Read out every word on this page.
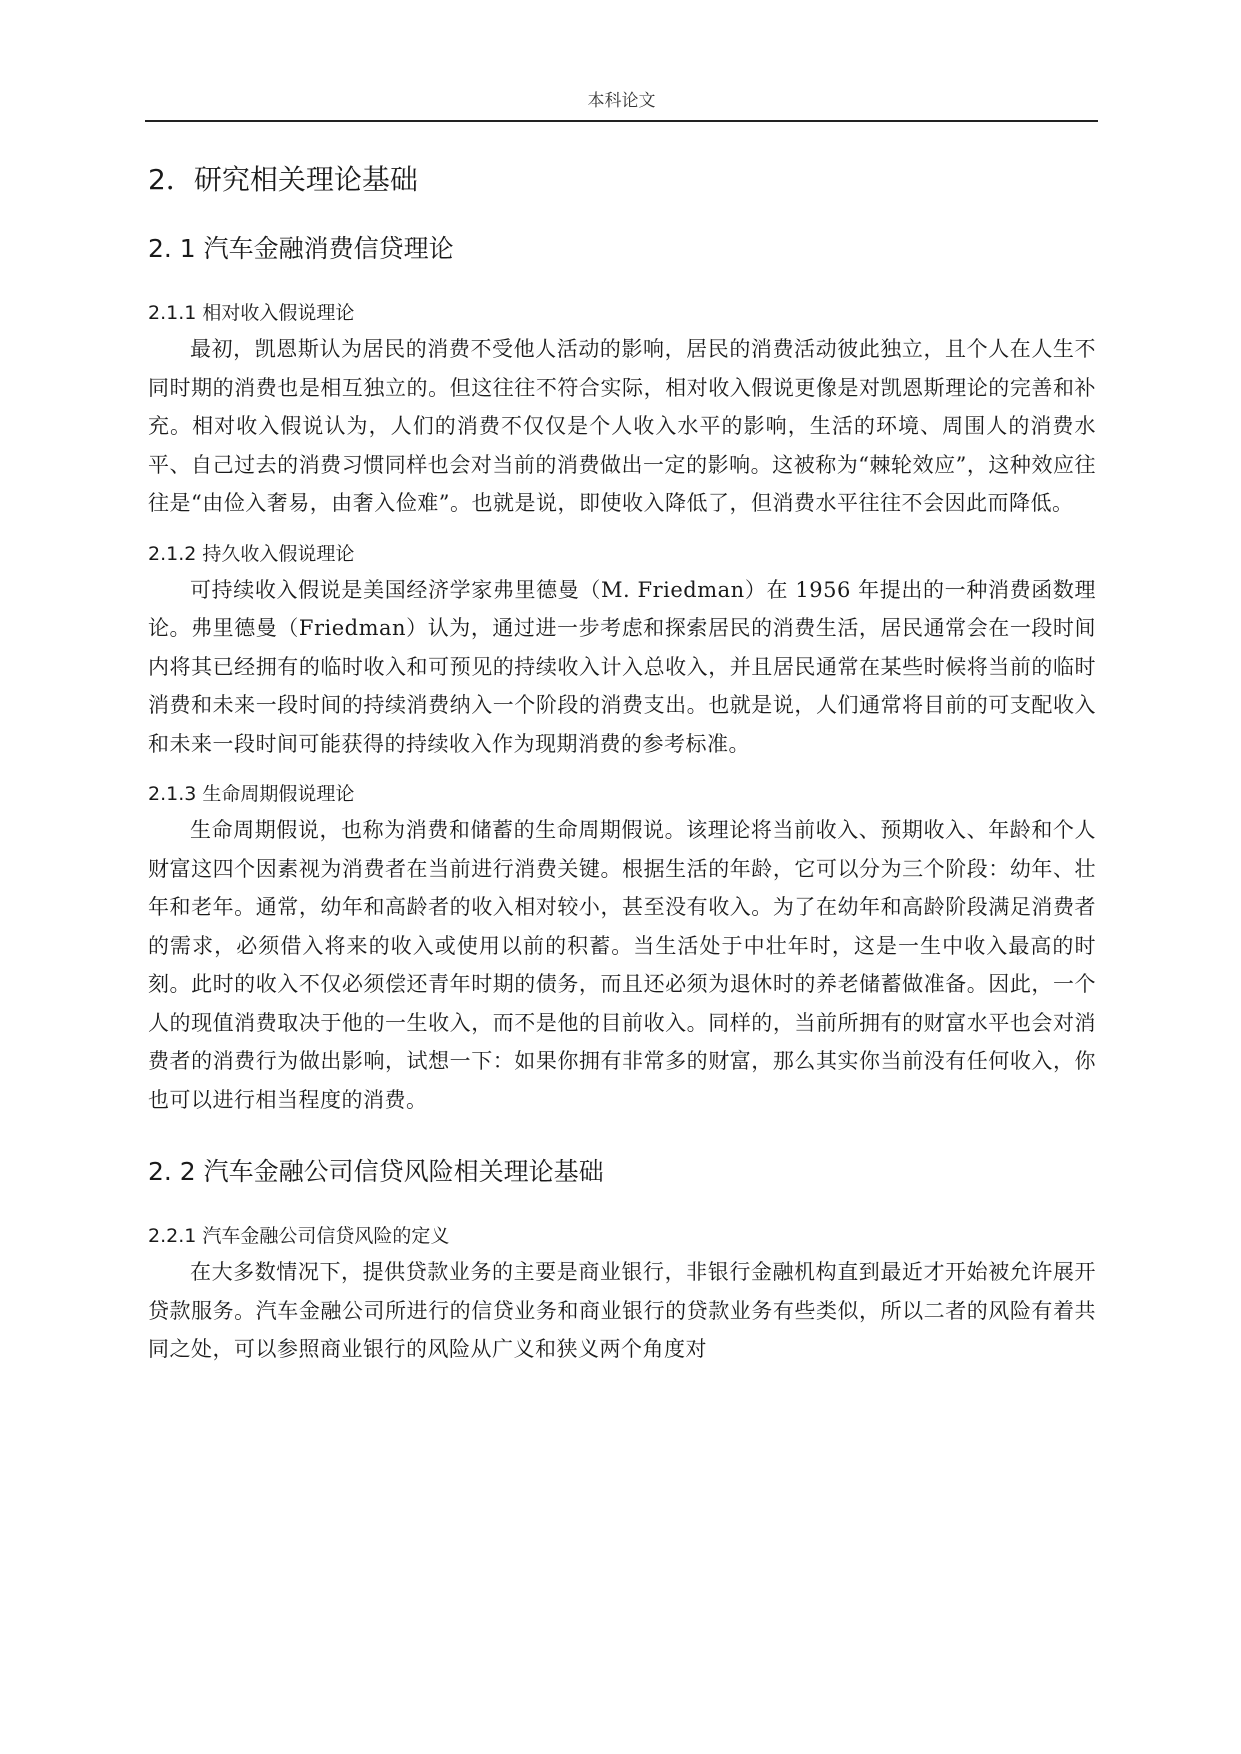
本科论文
2．研究相关理论基础
2. 1 汽车金融消费信贷理论
2.1.1 相对收入假说理论

最初，凯恩斯认为居民的消费不受他人活动的影响，居民的消费活动彼此独立，且个人在人生不同时期的消费也是相互独立的。但这往往不符合实际，相对收入假说更像是对凯恩斯理论的完善和补充。相对收入假说认为，人们的消费不仅仅是个人收入水平的影响，生活的环境、周围人的消费水平、自己过去的消费习惯同样也会对当前的消费做出一定的影响。这被称为“棘轮效应”，这种效应往往是“由俭入奢易，由奢入俭难”。也就是说，即使收入降低了，但消费水平往往不会因此而降低。

2.1.2 持久收入假说理论

可持续收入假说是美国经济学家弗里德曼（M. Friedman）在 1956 年提出的一种消费函数理论。弗里德曼（Friedman）认为，通过进一步考虑和探索居民的消费生活，居民通常会在一段时间内将其已经拥有的临时收入和可预见的持续收入计入总收入，并且居民通常在某些时候将当前的临时消费和未来一段时间的持续消费纳入一个阶段的消费支出。也就是说，人们通常将目前的可支配收入和未来一段时间可能获得的持续收入作为现期消费的参考标准。

2.1.3 生命周期假说理论

生命周期假说，也称为消费和储蓄的生命周期假说。该理论将当前收入、预期收入、年龄和个人财富这四个因素视为消费者在当前进行消费关键。根据生活的年龄，它可以分为三个阶段：幼年、壮年和老年。通常，幼年和高龄者的收入相对较小，甚至没有收入。为了在幼年和高龄阶段满足消费者的需求，必须借入将来的收入或使用以前的积蓄。当生活处于中壮年时，这是一生中收入最高的时刻。此时的收入不仅必须偿还青年时期的债务，而且还必须为退休时的养老储蓄做准备。因此，一个人的现值消费取决于他的一生收入，而不是他的目前收入。同样的，当前所拥有的财富水平也会对消费者的消费行为做出影响，试想一下：如果你拥有非常多的财富，那么其实你当前没有任何收入，你也可以进行相当程度的消费。

2. 2 汽车金融公司信贷风险相关理论基础
2.2.1 汽车金融公司信贷风险的定义

在大多数情况下，提供贷款业务的主要是商业银行，非银行金融机构直到最近才开始被允许展开贷款服务。汽车金融公司所进行的信贷业务和商业银行的贷款业务有些类似，所以二者的风险有着共同之处，可以参照商业银行的风险从广义和狭义两个角度对
